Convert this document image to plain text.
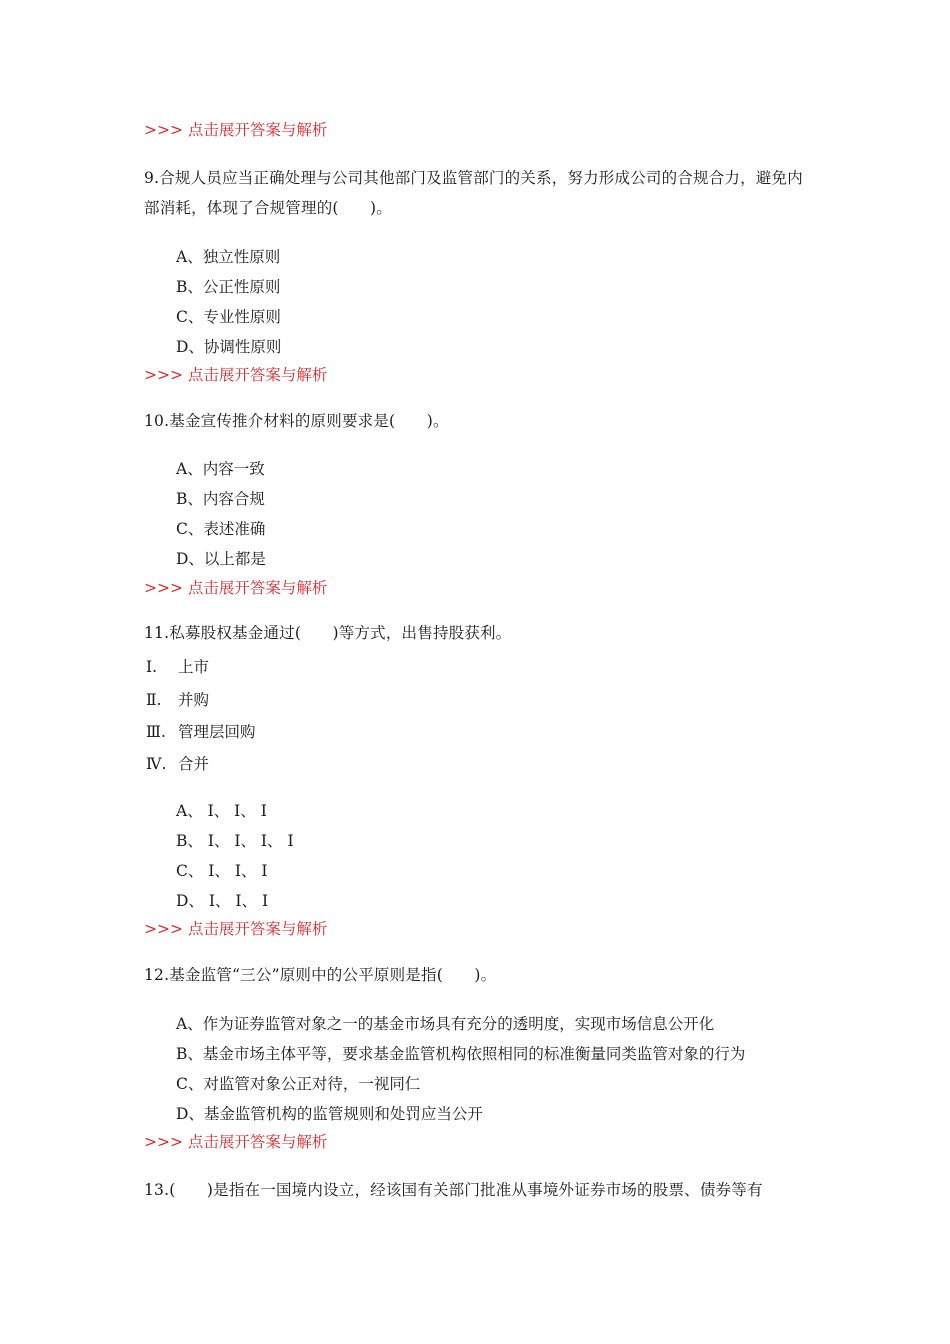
>>> 点击展开答案与解析
9.合规人员应当正确处理与公司其他部门及监管部门的关系，努力形成公司的合规合力，避免内部消耗，体现了合规管理的(　　)。
A、独立性原则
B、公正性原则
C、专业性原则
D、协调性原则
>>> 点击展开答案与解析
10.基金宣传推介材料的原则要求是(　　)。
A、内容一致
B、内容合规
C、表述准确
D、以上都是
>>> 点击展开答案与解析
11.私募股权基金通过(　　)等方式，出售持股获利。
Ⅰ. 上市
Ⅱ. 并购
Ⅲ. 管理层回购
Ⅳ. 合并
A、 I、 I、 I
B、 I、 I、 I、 I
C、 I、 I、 I
D、 I、 I、 I
>>> 点击展开答案与解析
12.基金监管“三公”原则中的公平原则是指(　　)。
A、作为证券监管对象之一的基金市场具有充分的透明度，实现市场信息公开化
B、基金市场主体平等，要求基金监管机构依照相同的标准衡量同类监管对象的行为
C、对监管对象公正对待，一视同仁
D、基金监管机构的监管规则和处罚应当公开
>>> 点击展开答案与解析
13.(　　)是指在一国境内设立，经该国有关部门批准从事境外证券市场的股票、债券等有
